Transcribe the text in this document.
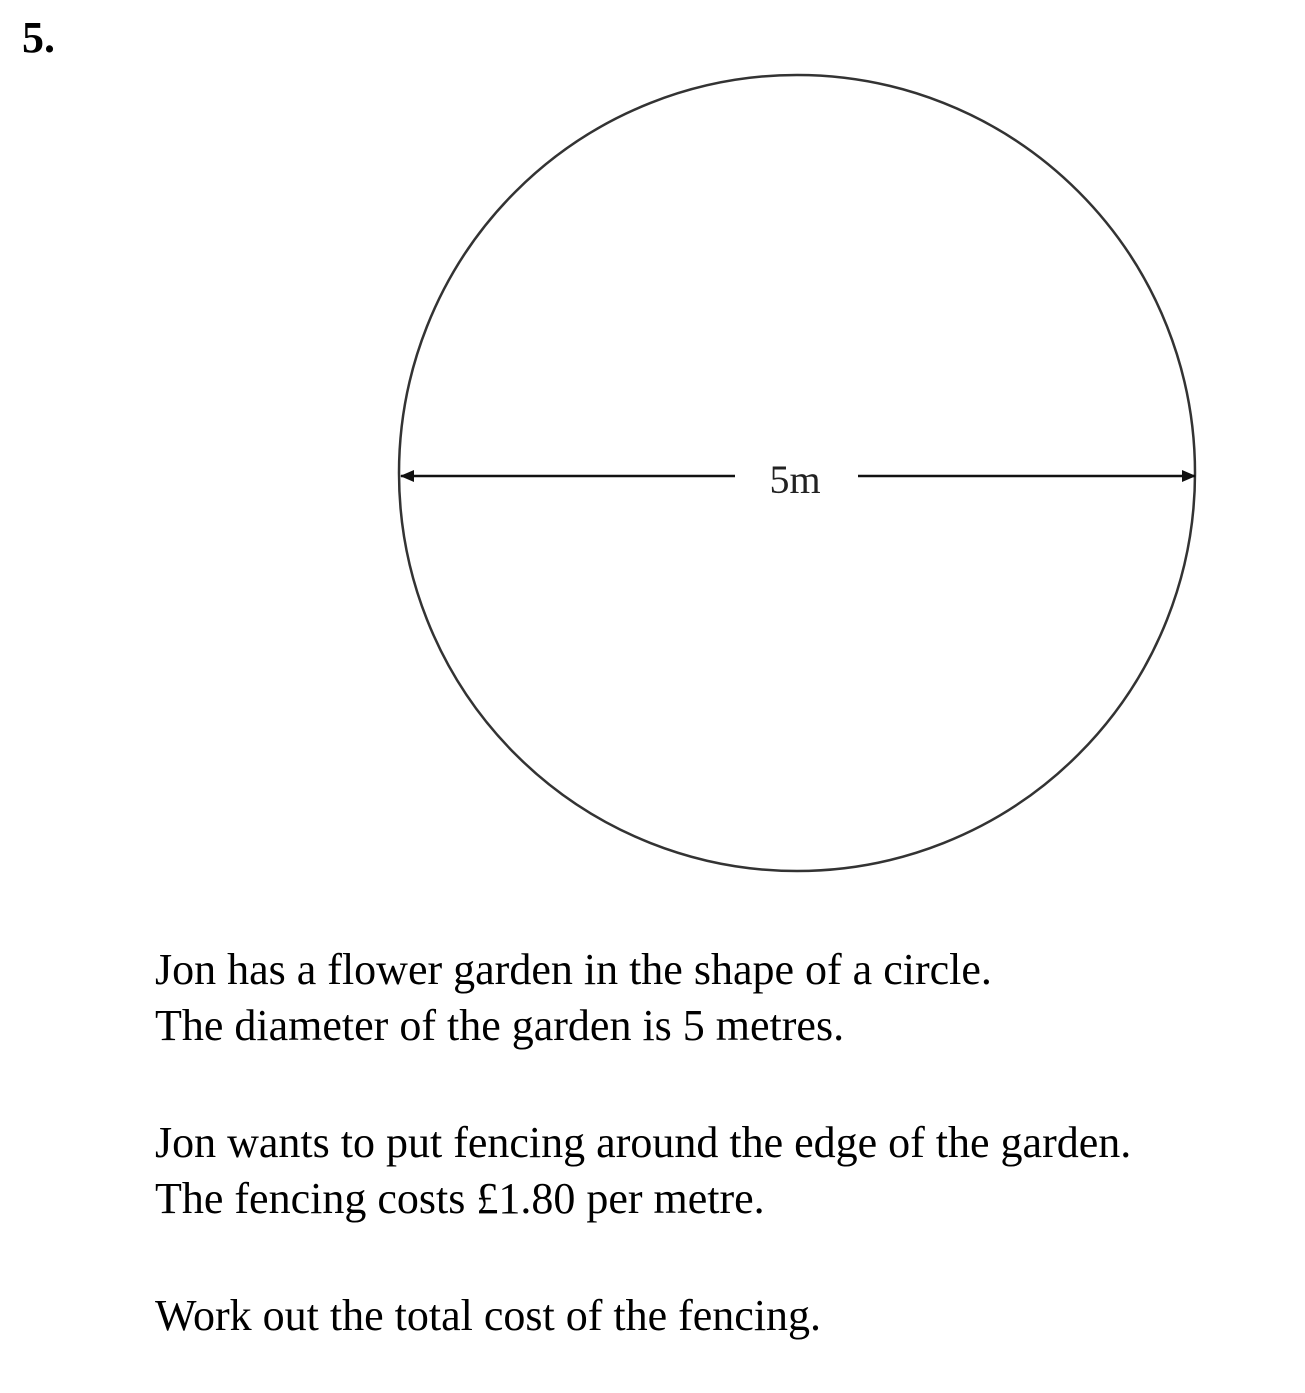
5.
5m
Jon has a flower garden in the shape of a circle.
The diameter of the garden is 5 metres.
Jon wants to put fencing around the edge of the garden.
The fencing costs £1.80 per metre.
Work out the total cost of the fencing.
